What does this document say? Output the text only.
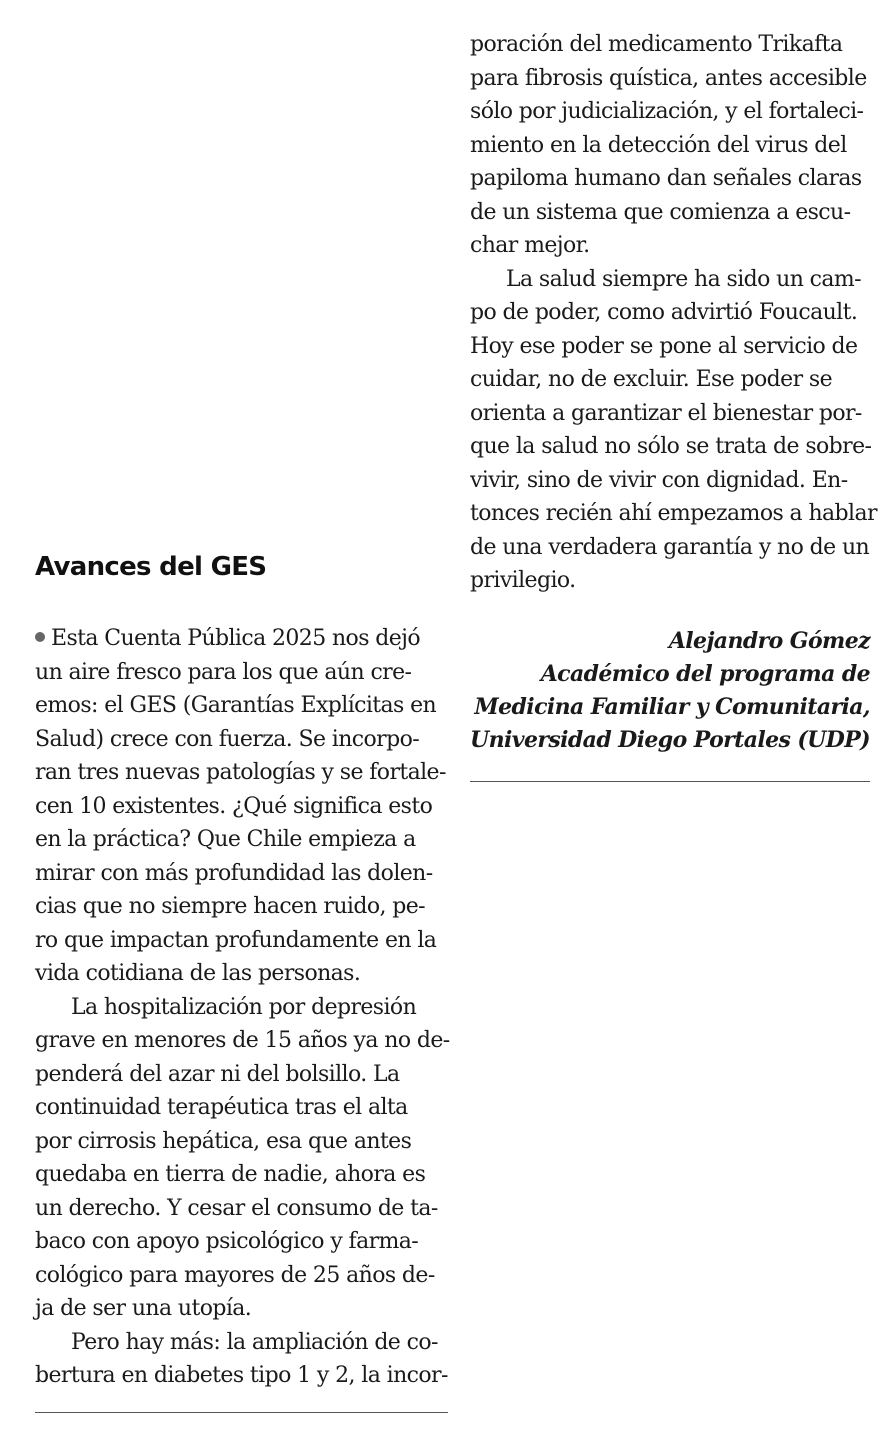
poración del medicamento Trikafta
para fibrosis quística, antes accesible
sólo por judicialización, y el fortaleci-
miento en la detección del virus del
papiloma humano dan señales claras
de un sistema que comienza a escu-
char mejor.
La salud siempre ha sido un cam-
po de poder, como advirtió Foucault.
Hoy ese poder se pone al servicio de
cuidar, no de excluir. Ese poder se
orienta a garantizar el bienestar por-
que la salud no sólo se trata de sobre-
vivir, sino de vivir con dignidad. En-
tonces recién ahí empezamos a hablar
de una verdadera garantía y no de un
privilegio.
Avances del GES
Esta Cuenta Pública 2025 nos dejó
un aire fresco para los que aún cre-
emos: el GES (Garantías Explícitas en
Salud) crece con fuerza. Se incorpo-
ran tres nuevas patologías y se fortale-
cen 10 existentes. ¿Qué significa esto
en la práctica? Que Chile empieza a
mirar con más profundidad las dolen-
cias que no siempre hacen ruido, pe-
ro que impactan profundamente en la
vida cotidiana de las personas.
La hospitalización por depresión
grave en menores de 15 años ya no de-
penderá del azar ni del bolsillo. La
continuidad terapéutica tras el alta
por cirrosis hepática, esa que antes
quedaba en tierra de nadie, ahora es
un derecho. Y cesar el consumo de ta-
baco con apoyo psicológico y farma-
cológico para mayores de 25 años de-
ja de ser una utopía.
Pero hay más: la ampliación de co-
bertura en diabetes tipo 1 y 2, la incor-
Alejandro Gómez
Académico del programa de
Medicina Familiar y Comunitaria,
Universidad Diego Portales (UDP)
